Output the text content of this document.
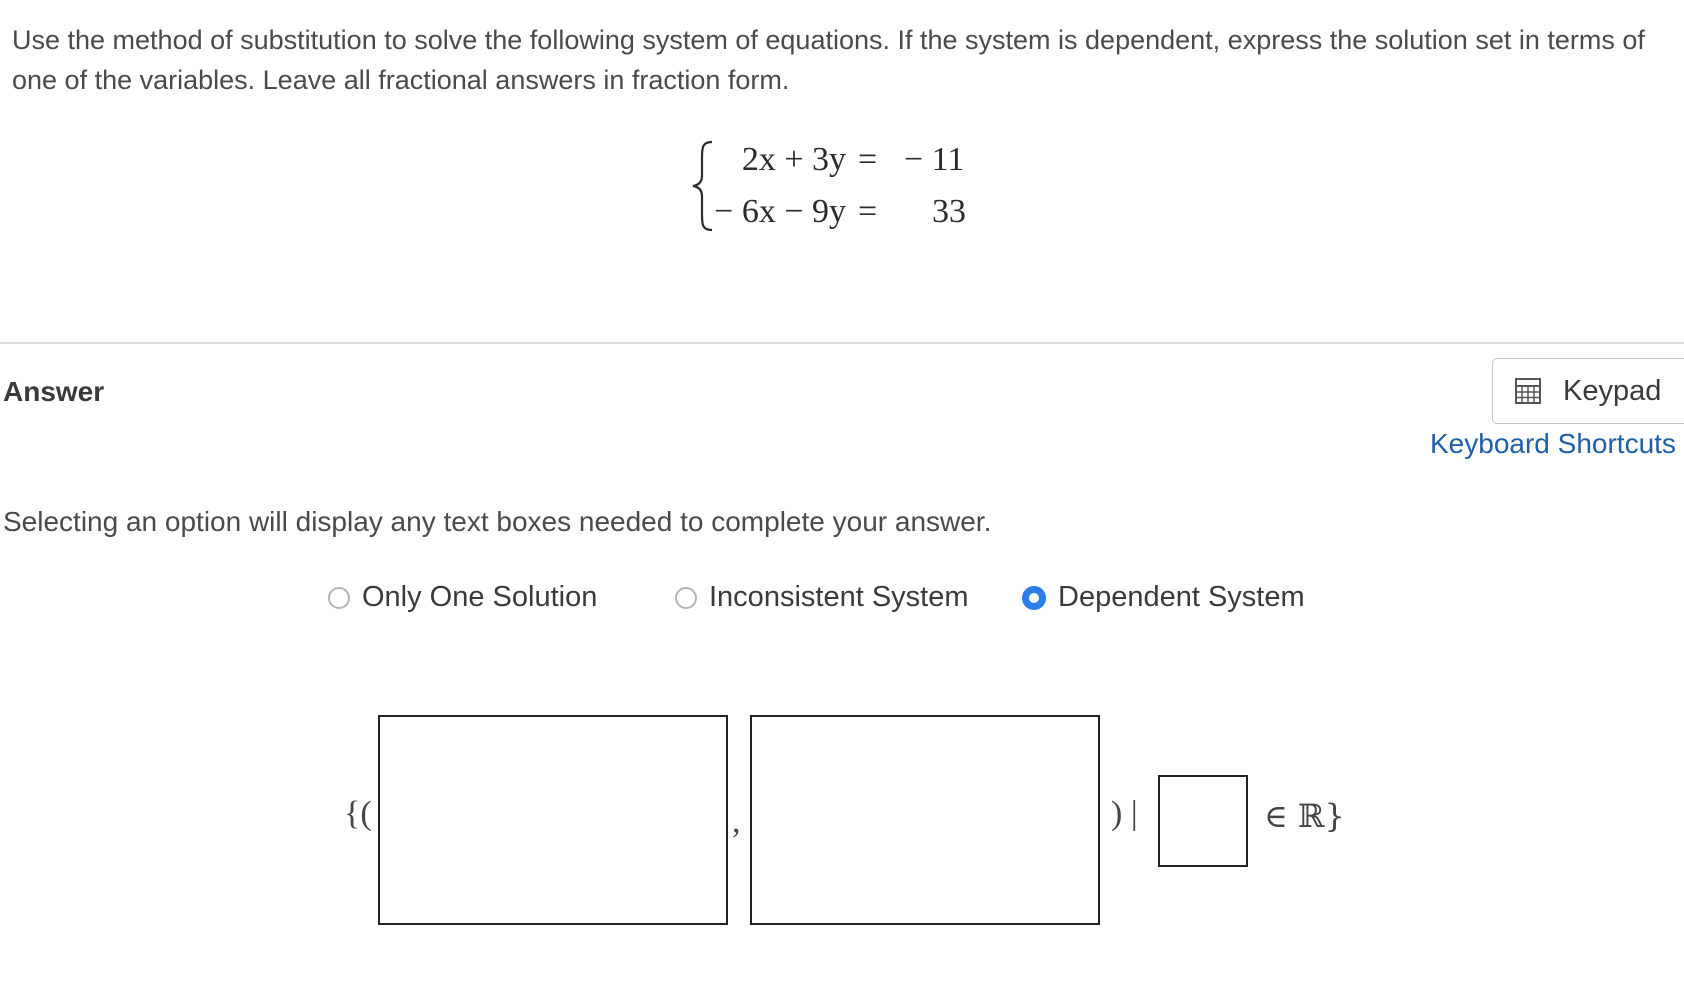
Use the method of substitution to solve the following system of equations. If the system is dependent, express the solution set in terms of one of the variables. Leave all fractional answers in fraction form.
2x + 3y = − 11
− 6x − 9y = 33
Answer	Keypad
Keyboard Shortcuts
Selecting an option will display any text boxes needed to complete your answer.
Only One Solution	Inconsistent System	Dependent System
{(	,	) |	∈ ℝ}
